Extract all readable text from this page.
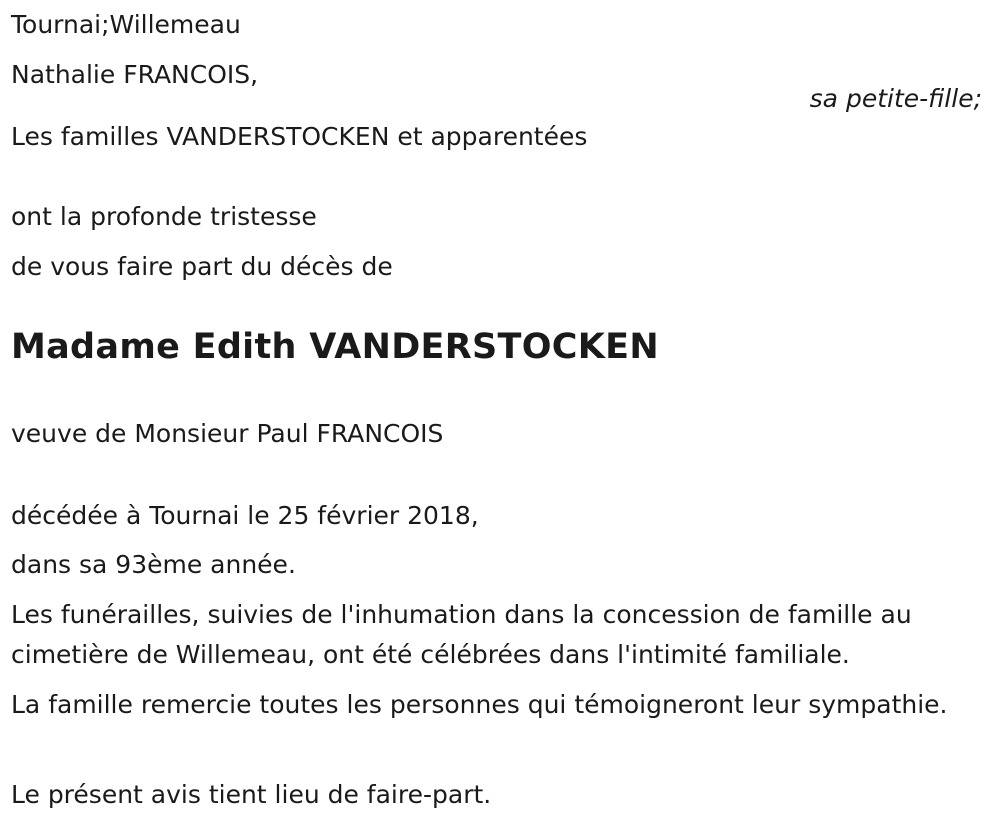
Tournai;Willemeau
Nathalie FRANCOIS,
sa petite-fille;
Les familles VANDERSTOCKEN et apparentées
ont la profonde tristesse
de vous faire part du décès de
Madame Edith VANDERSTOCKEN
veuve de Monsieur Paul FRANCOIS
décédée à Tournai le 25 février 2018,
dans sa 93ème année.
Les funérailles, suivies de l'inhumation dans la concession de famille au cimetière de Willemeau, ont été célébrées dans l'intimité familiale.
La famille remercie toutes les personnes qui témoigneront leur sympathie.
Le présent avis tient lieu de faire-part.
